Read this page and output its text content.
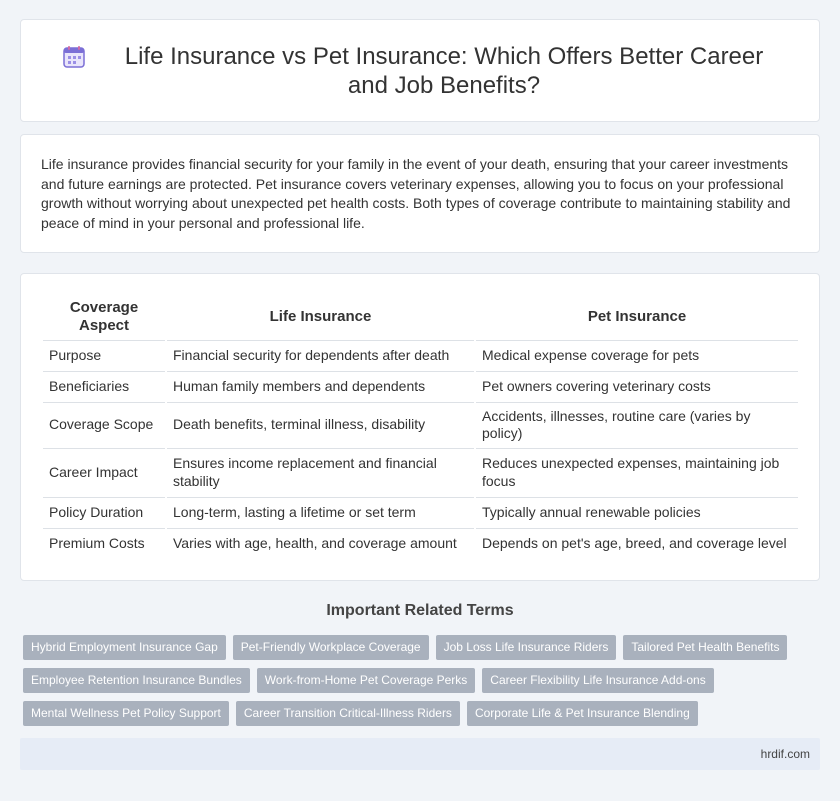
Life Insurance vs Pet Insurance: Which Offers Better Career and Job Benefits?

Life insurance provides financial security for your family in the event of your death, ensuring that your career investments and future earnings are protected. Pet insurance covers veterinary expenses, allowing you to focus on your professional growth without worrying about unexpected pet health costs. Both types of coverage contribute to maintaining stability and peace of mind in your personal and professional life.

Coverage Aspect	Life Insurance	Pet Insurance
Purpose	Financial security for dependents after death	Medical expense coverage for pets
Beneficiaries	Human family members and dependents	Pet owners covering veterinary costs
Coverage Scope	Death benefits, terminal illness, disability	Accidents, illnesses, routine care (varies by policy)
Career Impact	Ensures income replacement and financial stability	Reduces unexpected expenses, maintaining job focus
Policy Duration	Long-term, lasting a lifetime or set term	Typically annual renewable policies
Premium Costs	Varies with age, health, and coverage amount	Depends on pet's age, breed, and coverage level
Important Related Terms
Hybrid Employment Insurance Gap	Pet-Friendly Workplace Coverage	Job Loss Life Insurance Riders	Tailored Pet Health Benefits
Employee Retention Insurance Bundles	Work-from-Home Pet Coverage Perks	Career Flexibility Life Insurance Add-ons
Mental Wellness Pet Policy Support	Career Transition Critical-Illness Riders	Corporate Life & Pet Insurance Blending
hrdif.com
